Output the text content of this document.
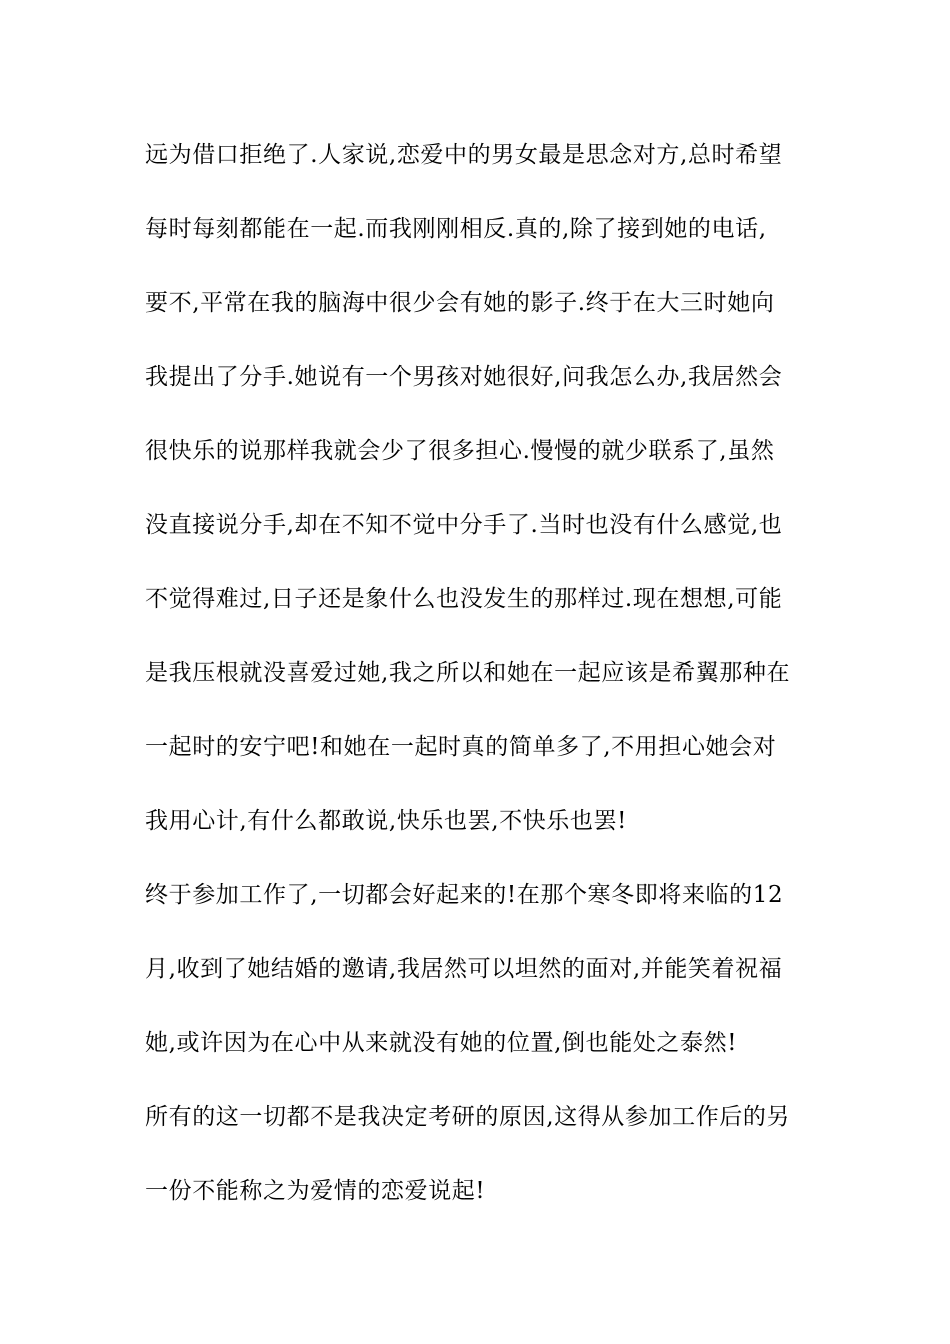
远为借口拒绝了.人家说,恋爱中的男女最是思念对方,总时希望
每时每刻都能在一起.而我刚刚相反.真的,除了接到她的电话,
要不,平常在我的脑海中很少会有她的影子.终于在大三时她向
我提出了分手.她说有一个男孩对她很好,问我怎么办,我居然会
很快乐的说那样我就会少了很多担心.慢慢的就少联系了,虽然
没直接说分手,却在不知不觉中分手了.当时也没有什么感觉,也
不觉得难过,日子还是象什么也没发生的那样过.现在想想,可能
是我压根就没喜爱过她,我之所以和她在一起应该是希翼那种在
一起时的安宁吧!和她在一起时真的简单多了,不用担心她会对
我用心计,有什么都敢说,快乐也罢,不快乐也罢!
终于参加工作了,一切都会好起来的!在那个寒冬即将来临的12
月,收到了她结婚的邀请,我居然可以坦然的面对,并能笑着祝福
她,或许因为在心中从来就没有她的位置,倒也能处之泰然!
所有的这一切都不是我决定考研的原因,这得从参加工作后的另
一份不能称之为爱情的恋爱说起!
